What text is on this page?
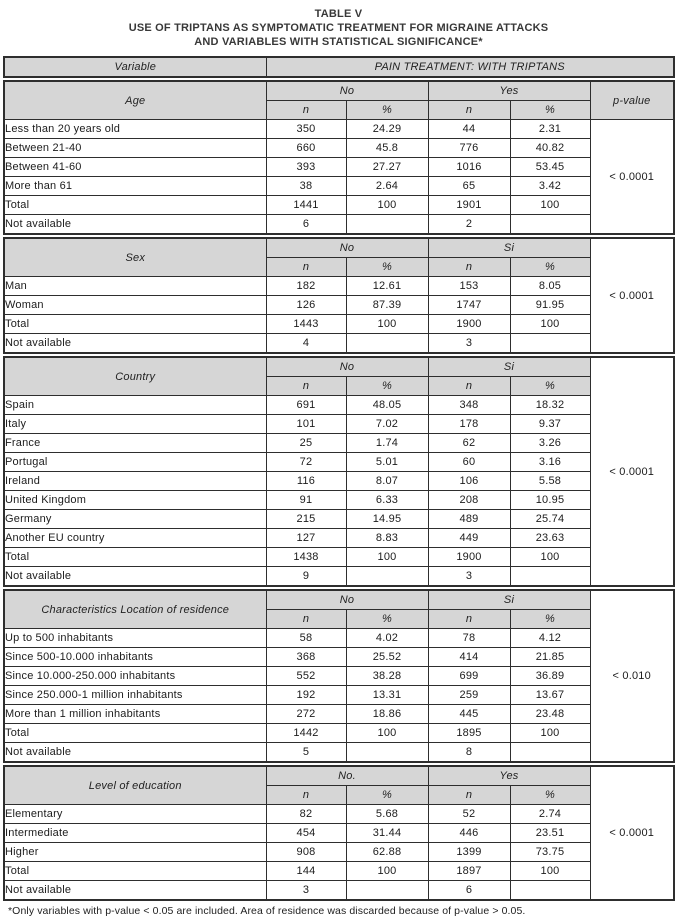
TABLE V
USE OF TRIPTANS AS SYMPTOMATIC TREATMENT FOR MIGRAINE ATTACKS
AND VARIABLES WITH STATISTICAL SIGNIFICANCE*
Variable	PAIN TREATMENT: WITH TRIPTANS
Age	No		Yes		p-value
	n	%	n	%	
Less than 20 years old	350	24.29	44	2.31	< 0.0001
Between 21-40	660	45.8	776	40.82	
Between 41-60	393	27.27	1016	53.45	
More than 61	38	2.64	65	3.42	
Total	1441	100	1901	100	
Not available	6		2		
Sex	No		Si		< 0.0001
	n	%	n	%	
Man	182	12.61	153	8.05	
Woman	126	87.39	1747	91.95	
Total	1443	100	1900	100	
Not available	4		3		
Country	No		Si		< 0.0001
	n	%	n	%	
Spain	691	48.05	348	18.32	
Italy	101	7.02	178	9.37	
France	25	1.74	62	3.26	
Portugal	72	5.01	60	3.16	
Ireland	116	8.07	106	5.58	
United Kingdom	91	6.33	208	10.95	
Germany	215	14.95	489	25.74	
Another EU country	127	8.83	449	23.63	
Total	1438	100	1900	100	
Not available	9		3		
Characteristics Location of residence	No		Si		< 0.010
	n	%	n	%	
Up to 500 inhabitants	58	4.02	78	4.12	
Since 500-10.000 inhabitants	368	25.52	414	21.85	
Since 10.000-250.000 inhabitants	552	38.28	699	36.89	
Since 250.000-1 million inhabitants	192	13.31	259	13.67	
More than 1 million inhabitants	272	18.86	445	23.48	
Total	1442	100	1895	100	
Not available	5		8		
Level of education	No.		Yes		< 0.0001
	n	%	n	%	
Elementary	82	5.68	52	2.74	
Intermediate	454	31.44	446	23.51	
Higher	908	62.88	1399	73.75	
Total	144	100	1897	100	
Not available	3		6		
*Only variables with p-value < 0.05 are included. Area of residence was discarded because of p-value > 0.05.
